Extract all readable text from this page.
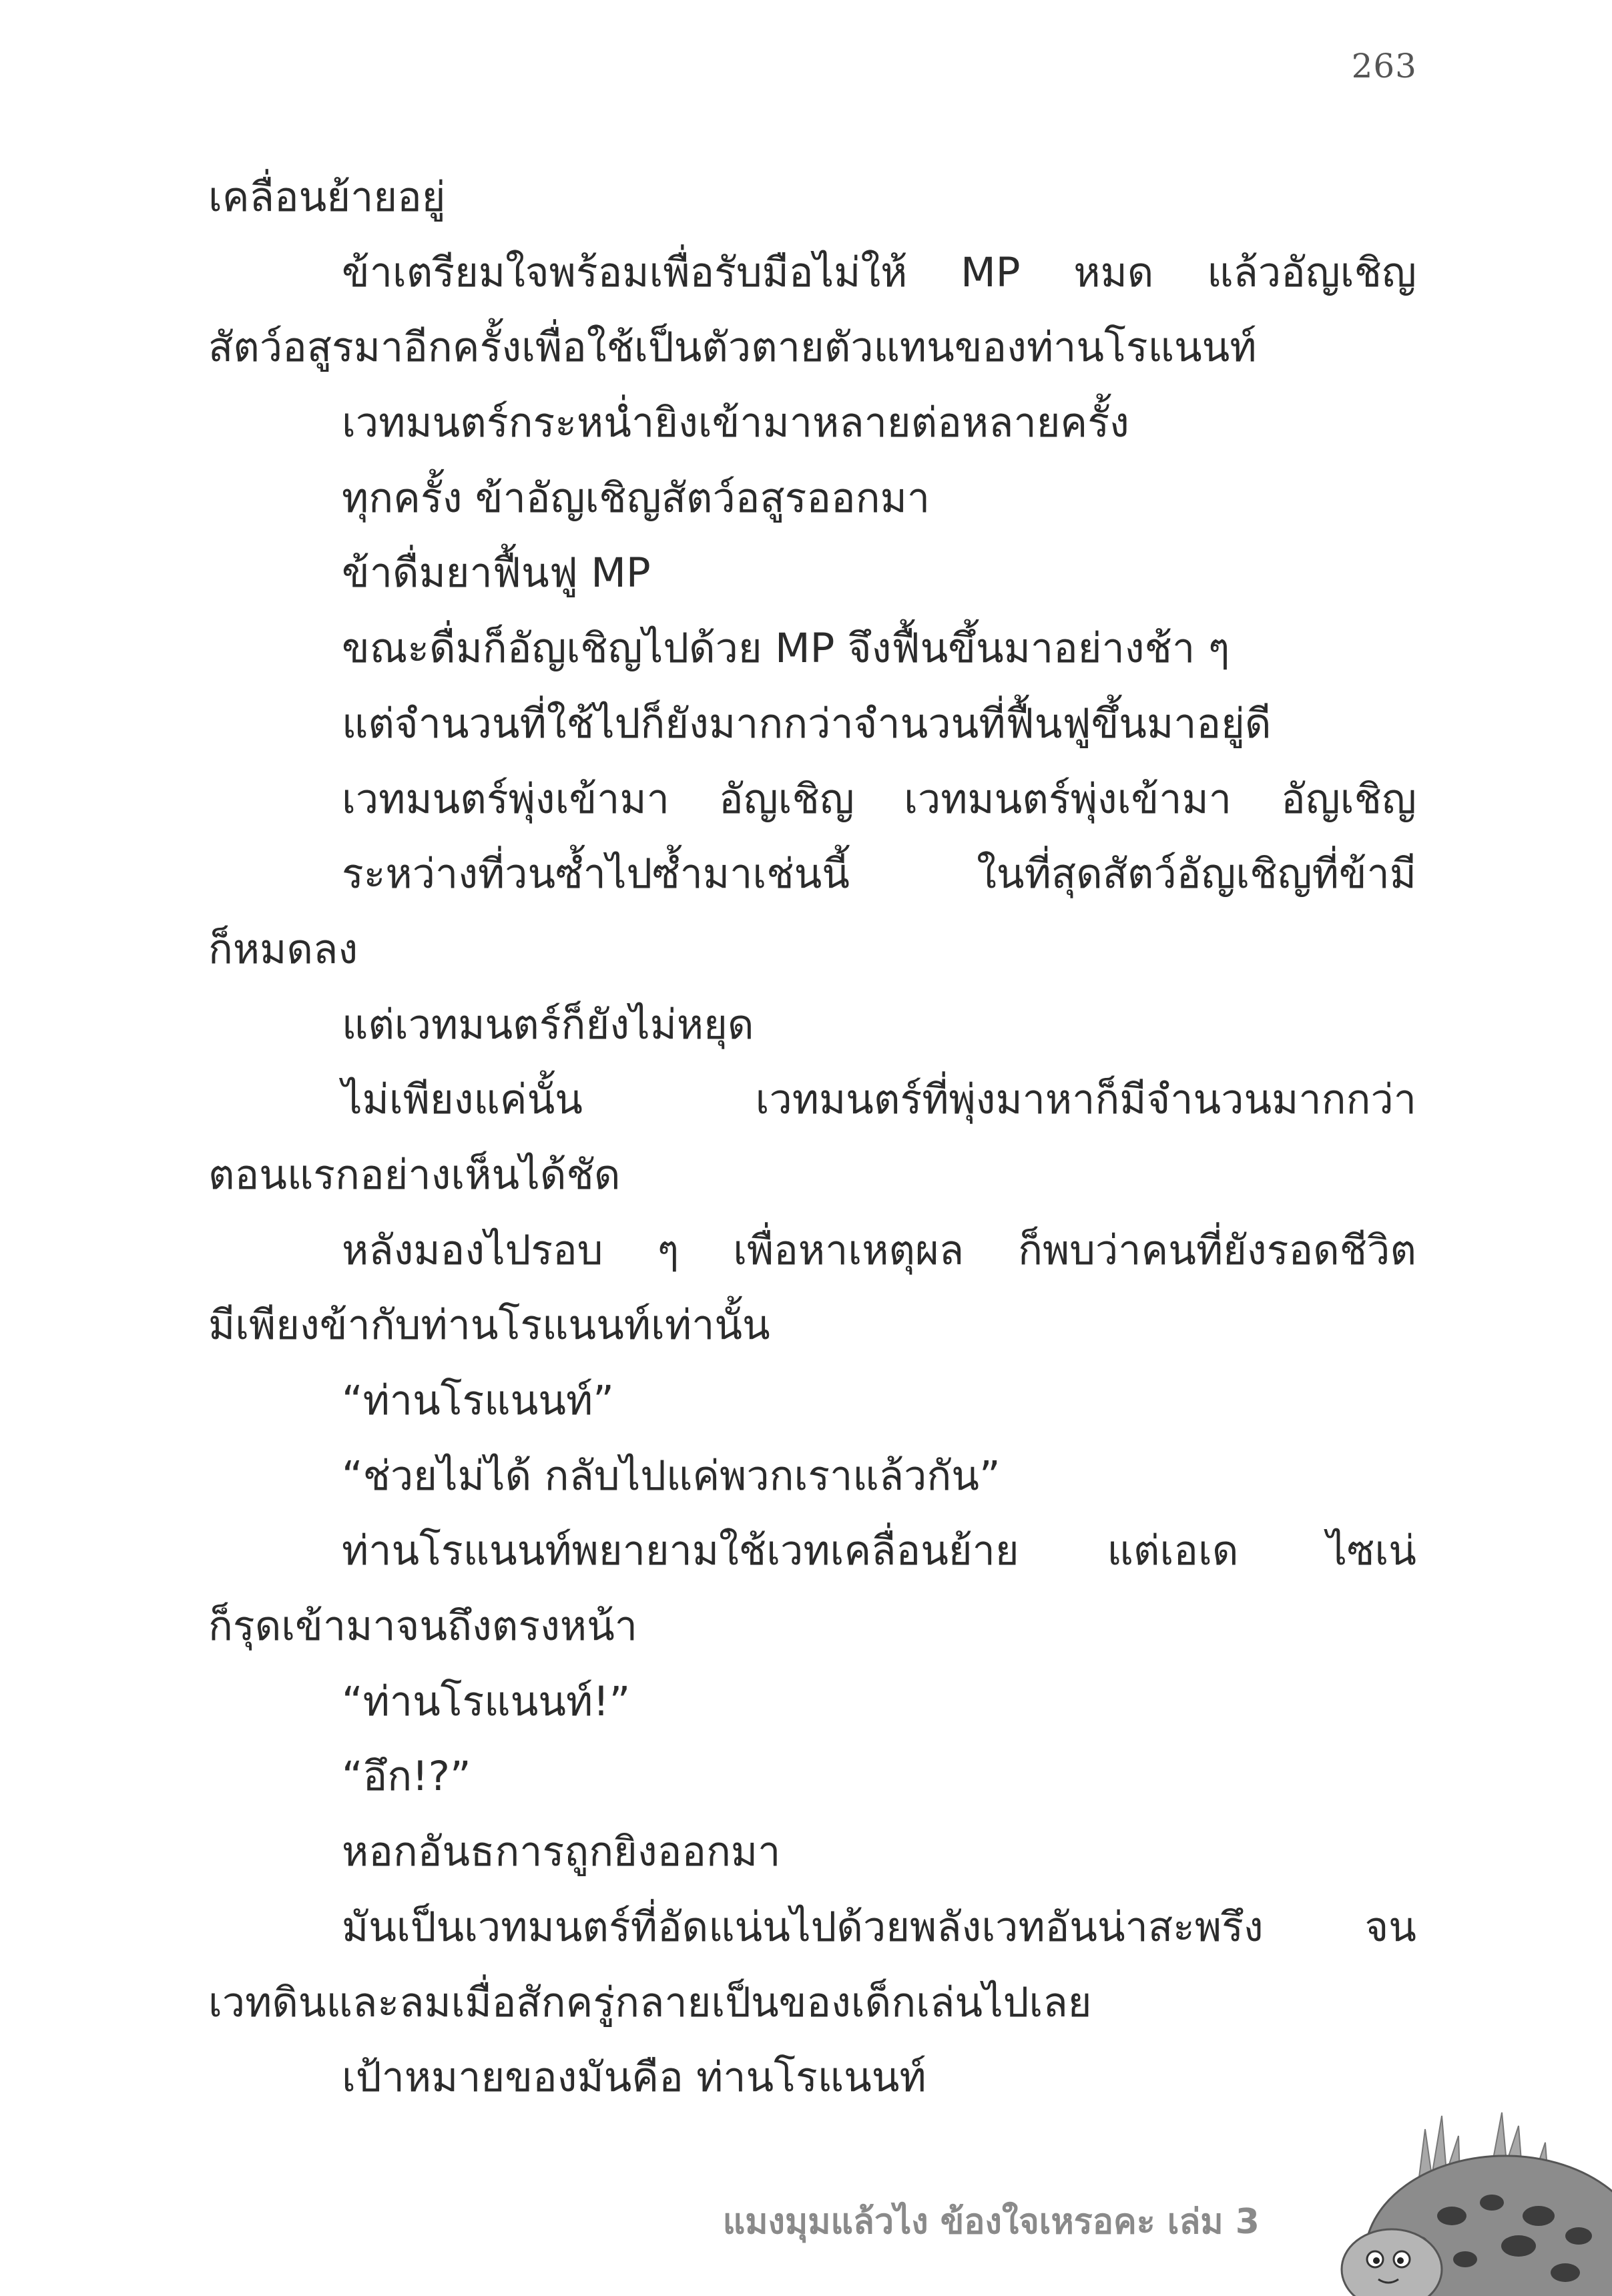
263
เคลื่อนย้ายอยู่
ข้าเตรียมใจพร้อมเพื่อรับมือไม่ให้ MP หมด แล้วอัญเชิญ
สัตว์อสูรมาอีกครั้งเพื่อใช้เป็นตัวตายตัวแทนของท่านโรแนนท์
เวทมนตร์กระหน่ำยิงเข้ามาหลายต่อหลายครั้ง
ทุกครั้ง ข้าอัญเชิญสัตว์อสูรออกมา
ข้าดื่มยาฟื้นฟู MP
ขณะดื่มก็อัญเชิญไปด้วย MP จึงฟื้นขึ้นมาอย่างช้า ๆ
แต่จำนวนที่ใช้ไปก็ยังมากกว่าจำนวนที่ฟื้นฟูขึ้นมาอยู่ดี
เวทมนตร์พุ่งเข้ามา อัญเชิญ เวทมนตร์พุ่งเข้ามา อัญเชิญ
ระหว่างที่วนซ้ำไปซ้ำมาเช่นนี้ ในที่สุดสัตว์อัญเชิญที่ข้ามี
ก็หมดลง
แต่เวทมนตร์ก็ยังไม่หยุด
ไม่เพียงแค่นั้น เวทมนตร์ที่พุ่งมาหาก็มีจำนวนมากกว่า
ตอนแรกอย่างเห็นได้ชัด
หลังมองไปรอบ ๆ เพื่อหาเหตุผล ก็พบว่าคนที่ยังรอดชีวิต
มีเพียงข้ากับท่านโรแนนท์เท่านั้น
“ท่านโรแนนท์”
“ช่วยไม่ได้ กลับไปแค่พวกเราแล้วกัน”
ท่านโรแนนท์พยายามใช้เวทเคลื่อนย้าย แต่เอเด ไซเน่
ก็รุดเข้ามาจนถึงตรงหน้า
“ท่านโรแนนท์!”
“อึก!?”
หอกอันธการถูกยิงออกมา
มันเป็นเวทมนตร์ที่อัดแน่นไปด้วยพลังเวทอันน่าสะพรึง จน
เวทดินและลมเมื่อสักครู่กลายเป็นของเด็กเล่นไปเลย
เป้าหมายของมันคือ ท่านโรแนนท์
แมงมุมแล้วไง ข้องใจเหรอคะ เล่ม 3
